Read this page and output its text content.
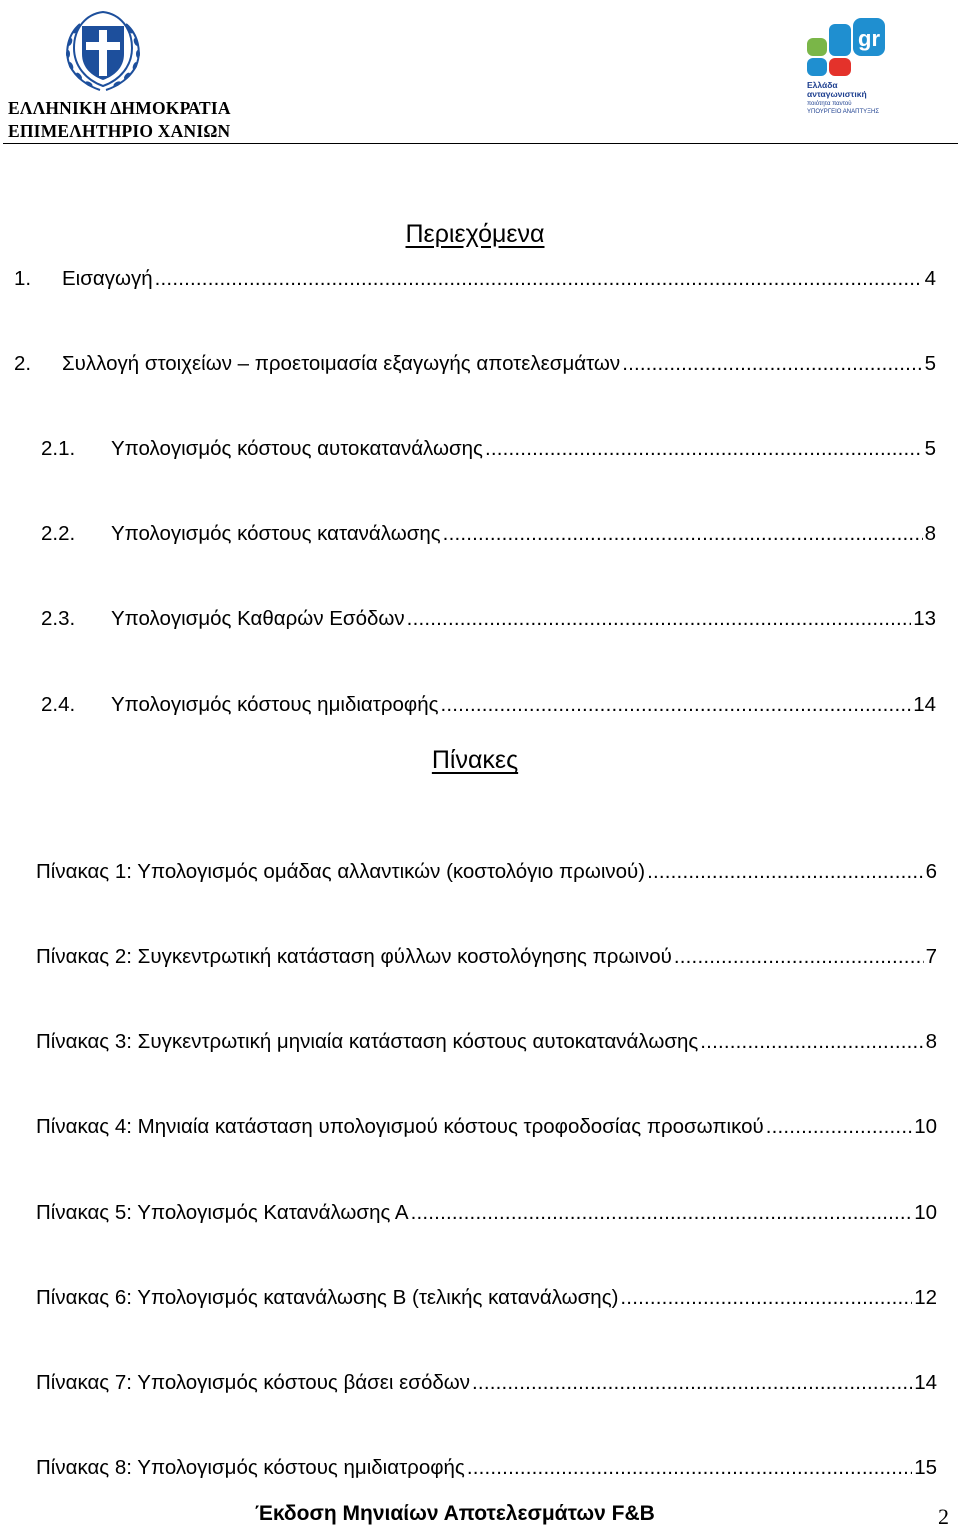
ΕΛΛΗΝΙΚΗ ΔΗΜΟΚΡΑΤΙΑ
ΕΠΙΜΕΛΗΤΗΡΙΟ ΧΑΝΙΩΝ
gr
Ελλάδα
ανταγωνιστική
ποιότητα παντού
ΥΠΟΥΡΓΕΙΟ ΑΝΑΠΤΥΞΗΣ
Περιεχόμενα
1.	Εισαγωγή .....	4
2.	Συλλογή στοιχείων – προετοιμασία εξαγωγής αποτελεσμάτων .....	5
2.1.	Υπολογισμός κόστους αυτοκατανάλωσης .....	5
2.2.	Υπολογισμός κόστους κατανάλωσης .....	8
2.3.	Υπολογισμός Καθαρών Εσόδων .....	13
2.4.	Υπολογισμός κόστους ημιδιατροφής .....	14
Πίνακες
Πίνακας 1: Υπολογισμός ομάδας αλλαντικών (κοστολόγιο πρωινού) .....	6
Πίνακας 2: Συγκεντρωτική κατάσταση φύλλων κοστολόγησης πρωινού .....	7
Πίνακας 3: Συγκεντρωτική μηνιαία κατάσταση κόστους αυτοκατανάλωσης .....	8
Πίνακας 4: Μηνιαία κατάσταση υπολογισμού κόστους τροφοδοσίας προσωπικού .....	10
Πίνακας 5: Υπολογισμός Κατανάλωσης Α .....	10
Πίνακας 6: Υπολογισμός κατανάλωσης Β (τελικής κατανάλωσης) .....	12
Πίνακας 7: Υπολογισμός κόστους βάσει εσόδων .....	14
Πίνακας 8: Υπολογισμός κόστους ημιδιατροφής .....	15
Έκδοση Μηνιαίων Αποτελεσμάτων F&B	2
